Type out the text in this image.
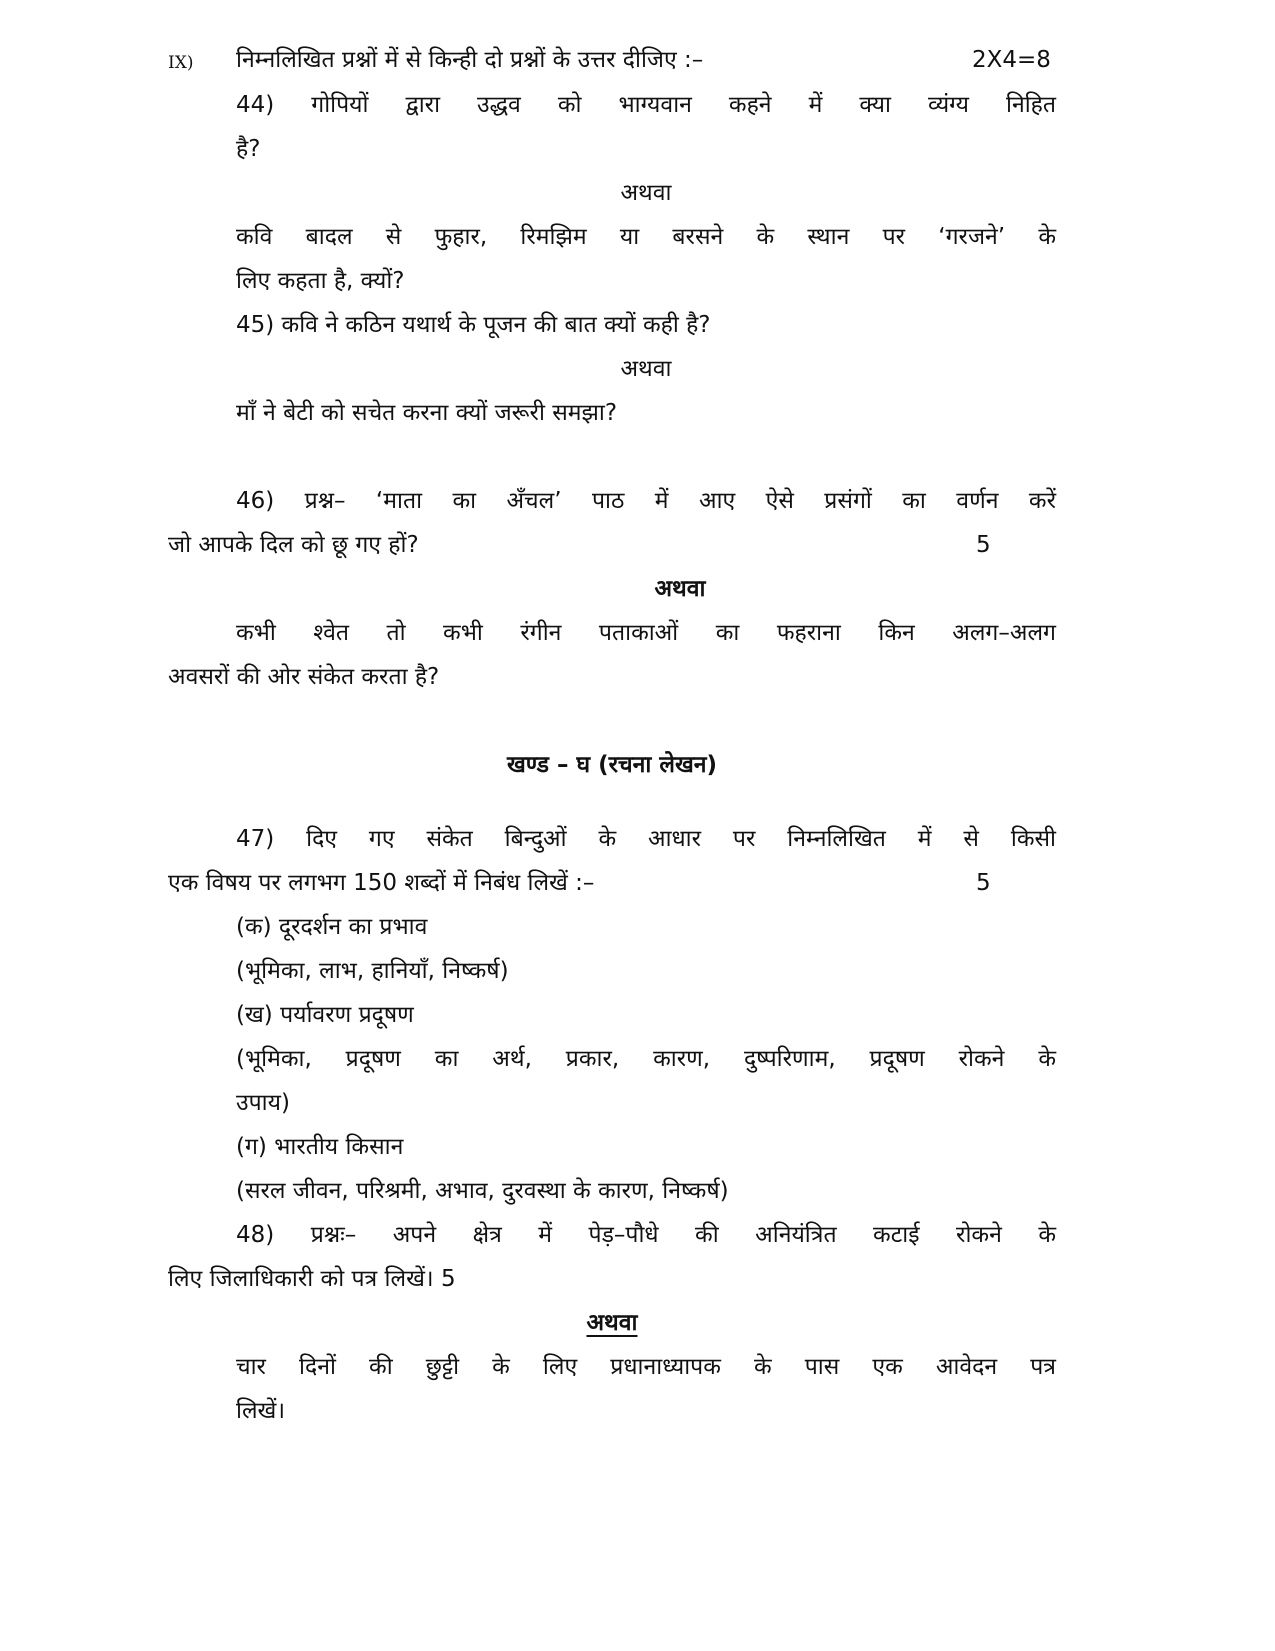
IX) निम्नलिखित प्रश्नों में से किन्ही दो प्रश्नों के उत्तर दीजिए :–	2X4=8
44) गोपियों द्वारा उद्धव को भाग्यवान कहने में क्या व्यंग्य निहित
है?
अथवा
कवि बादल से फुहार, रिमझिम या बरसने के स्थान पर ‘गरजने’ के
लिए कहता है, क्यों?
45) कवि ने कठिन यथार्थ के पूजन की बात क्यों कही है?
अथवा
माँ ने बेटी को सचेत करना क्यों जरूरी समझा?
46) प्रश्न– ‘माता का अँचल’ पाठ में आए ऐसे प्रसंगों का वर्णन करें
जो आपके दिल को छू गए हों?	5
अथवा
कभी श्वेत तो कभी रंगीन पताकाओं का फहराना किन अलग–अलग
अवसरों की ओर संकेत करता है?
खण्ड – घ (रचना लेखन)
47) दिए गए संकेत बिन्दुओं के आधार पर निम्नलिखित में से किसी
एक विषय पर लगभग 150 शब्दों में निबंध लिखें :–	5
(क) दूरदर्शन का प्रभाव
(भूमिका, लाभ, हानियाँ, निष्कर्ष)
(ख) पर्यावरण प्रदूषण
(भूमिका, प्रदूषण का अर्थ, प्रकार, कारण, दुष्परिणाम, प्रदूषण रोकने के
उपाय)
(ग) भारतीय किसान
(सरल जीवन, परिश्रमी, अभाव, दुरवस्था के कारण, निष्कर्ष)
48) प्रश्नः– अपने क्षेत्र में पेड़–पौधे की अनियंत्रित कटाई रोकने के
लिए जिलाधिकारी को पत्र लिखें। 5
अथवा
चार दिनों की छुट्टी के लिए प्रधानाध्यापक के पास एक आवेदन पत्र
लिखें।
